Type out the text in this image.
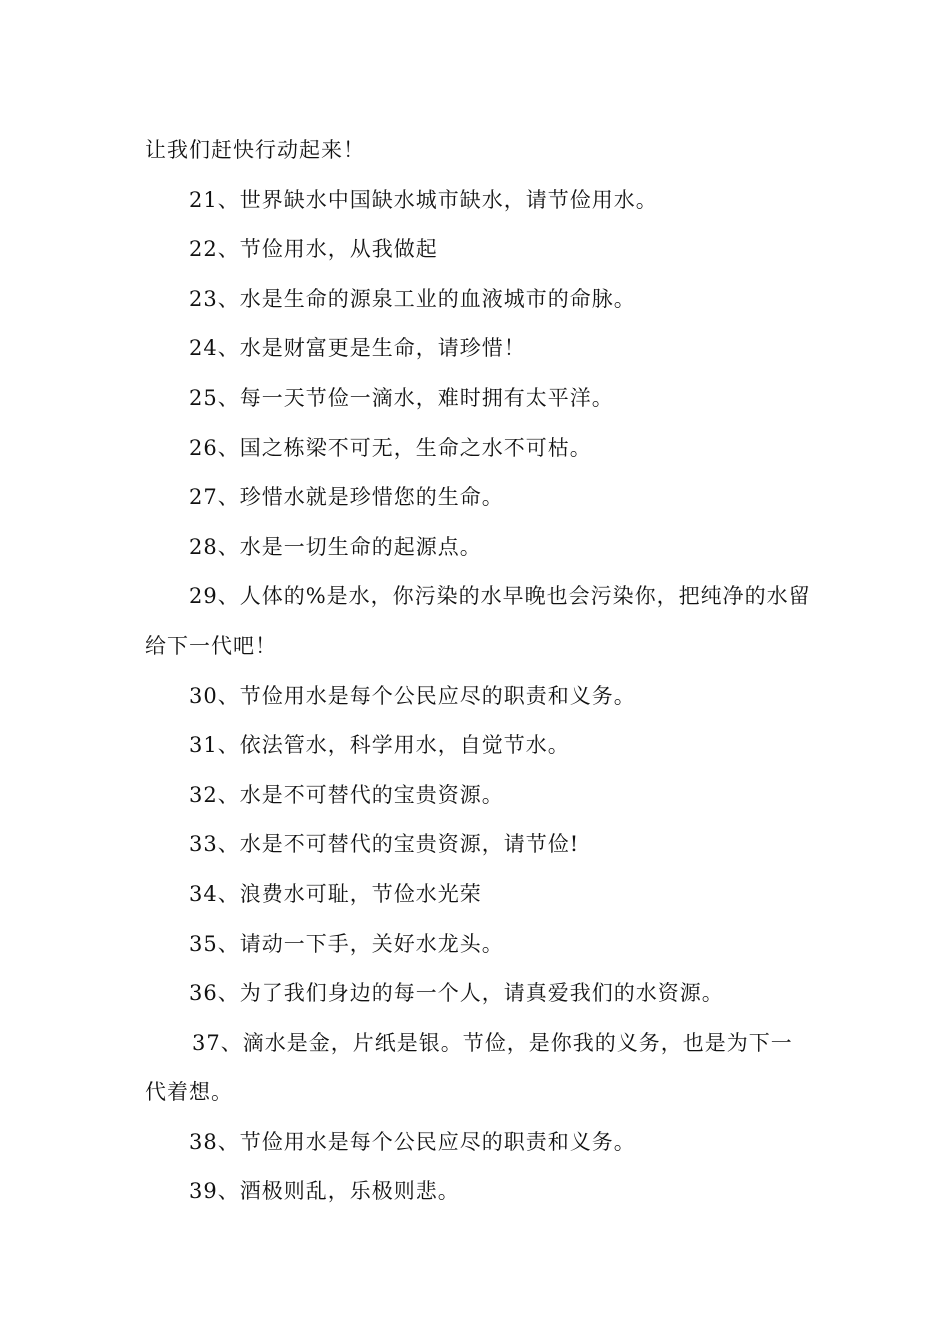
让我们赶快行动起来！
21、世界缺水中国缺水城市缺水，请节俭用水。
22、节俭用水，从我做起
23、水是生命的源泉工业的血液城市的命脉。
24、水是财富更是生命，请珍惜！
25、每一天节俭一滴水，难时拥有太平洋。
26、国之栋梁不可无，生命之水不可枯。
27、珍惜水就是珍惜您的生命。
28、水是一切生命的起源点。
29、人体的%是水，你污染的水早晚也会污染你，把纯净的水留
给下一代吧！
30、节俭用水是每个公民应尽的职责和义务。
31、依法管水，科学用水，自觉节水。
32、水是不可替代的宝贵资源。
33、水是不可替代的宝贵资源，请节俭!
34、浪费水可耻，节俭水光荣
35、请动一下手，关好水龙头。
36、为了我们身边的每一个人，请真爱我们的水资源。
37、滴水是金，片纸是银。节俭，是你我的义务，也是为下一
代着想。
38、节俭用水是每个公民应尽的职责和义务。
39、酒极则乱，乐极则悲。
